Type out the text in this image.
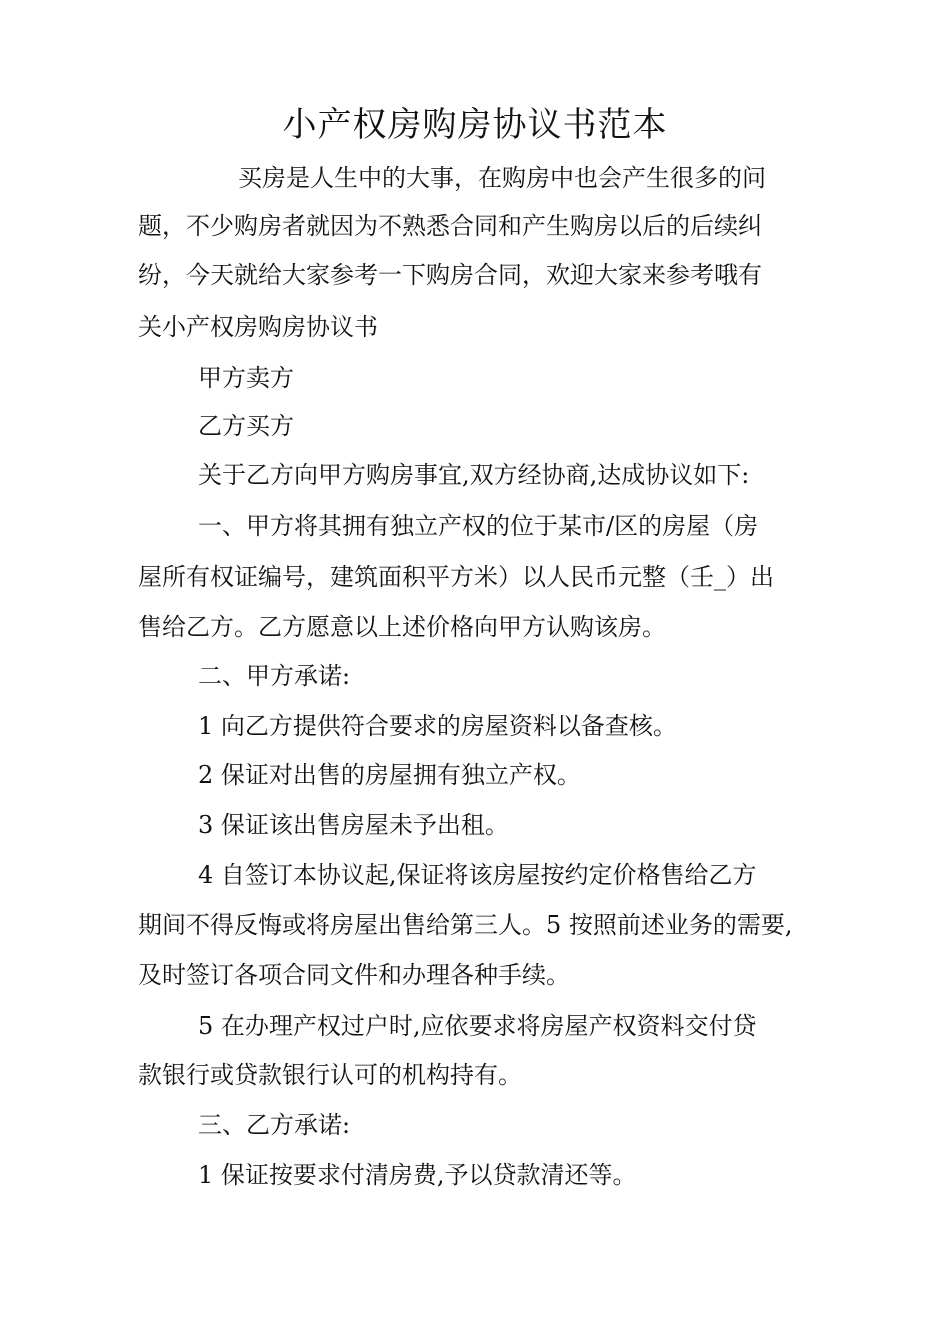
小产权房购房协议书范本
买房是人生中的大事，在购房中也会产生很多的问
题，不少购房者就因为不熟悉合同和产生购房以后的后续纠
纷，今天就给大家参考一下购房合同，欢迎大家来参考哦有
关小产权房购房协议书
甲方卖方
乙方买方
关于乙方向甲方购房事宜,双方经协商,达成协议如下:
一、甲方将其拥有独立产权的位于某市/区的房屋（房
屋所有权证编号，建筑面积平方米）以人民币元整（壬_）出
售给乙方。乙方愿意以上述价格向甲方认购该房。
二、甲方承诺:
1 向乙方提供符合要求的房屋资料以备查核。
2 保证对出售的房屋拥有独立产权。
3 保证该出售房屋未予出租。
4 自签订本协议起,保证将该房屋按约定价格售给乙方
期间不得反悔或将房屋出售给第三人。5 按照前述业务的需要,
及时签订各项合同文件和办理各种手续。
5 在办理产权过户时,应依要求将房屋产权资料交付贷
款银行或贷款银行认可的机构持有。
三、乙方承诺:
1 保证按要求付清房费,予以贷款清还等。
